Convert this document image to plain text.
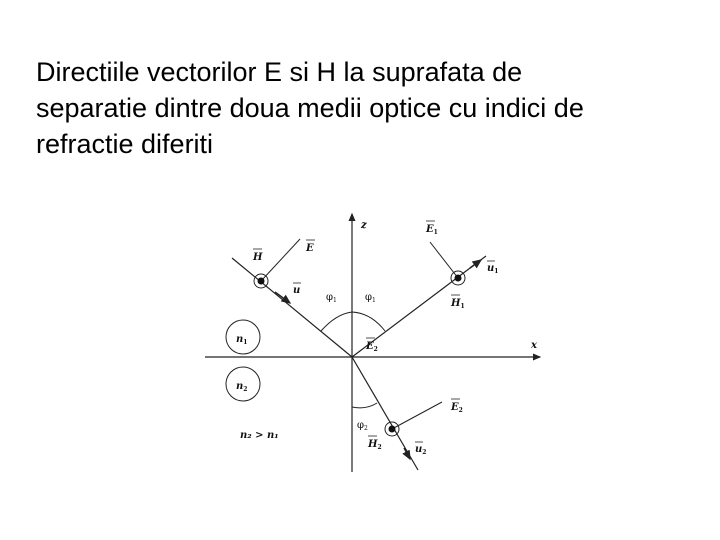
Directiile vectorilor E si H la suprafata de
separatie dintre doua medii optice cu indici de
refractie diferiti
z
x
$n_1$
$n_2$
n₂ > n₁
H
E
u
$E_1$
$u_1$
$H_1$
$E_2$
$H_2$	$u_2$
$E_2$
$\varphi_1$	$\varphi_1$
$\varphi_2$
